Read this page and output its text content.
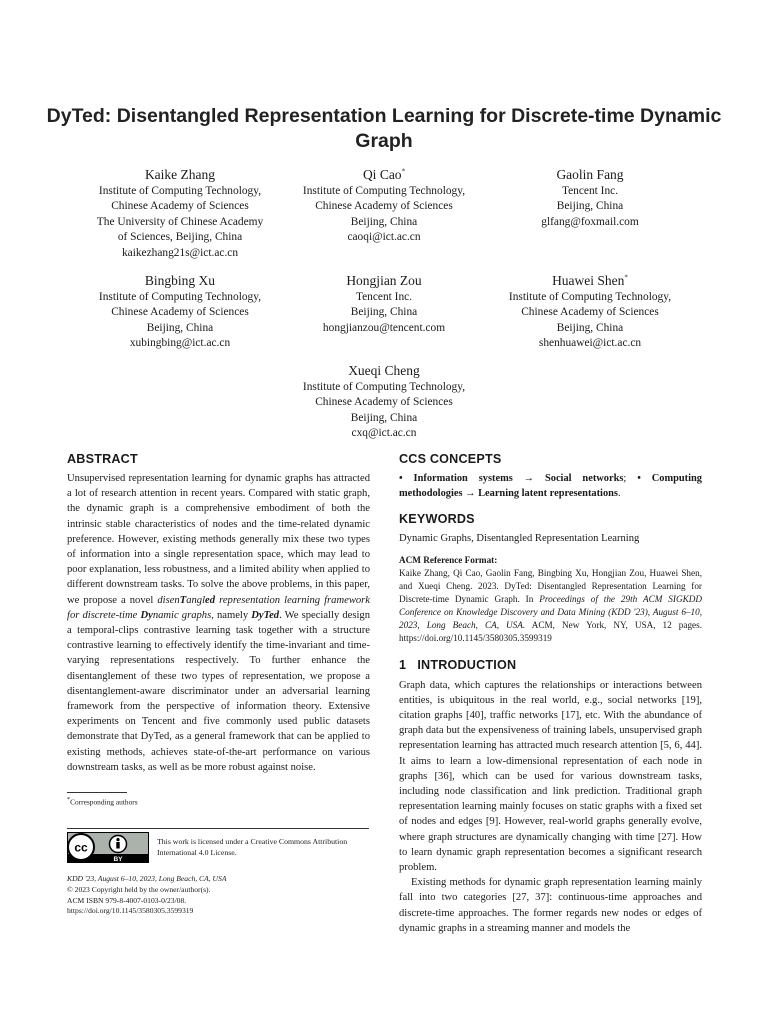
DyTed: Disentangled Representation Learning for Discrete-time Dynamic Graph
Kaike Zhang
Institute of Computing Technology,
Chinese Academy of Sciences
The University of Chinese Academy
of Sciences, Beijing, China
kaikezhang21s@ict.ac.cn
Qi Cao*
Institute of Computing Technology,
Chinese Academy of Sciences
Beijing, China
caoqi@ict.ac.cn
Gaolin Fang
Tencent Inc.
Beijing, China
glfang@foxmail.com
Bingbing Xu
Institute of Computing Technology,
Chinese Academy of Sciences
Beijing, China
xubingbing@ict.ac.cn
Hongjian Zou
Tencent Inc.
Beijing, China
hongjianzou@tencent.com
Huawei Shen*
Institute of Computing Technology,
Chinese Academy of Sciences
Beijing, China
shenhuawei@ict.ac.cn
Xueqi Cheng
Institute of Computing Technology,
Chinese Academy of Sciences
Beijing, China
cxq@ict.ac.cn
ABSTRACT

Unsupervised representation learning for dynamic graphs has attracted a lot of research attention in recent years. Compared with static graph, the dynamic graph is a comprehensive embodiment of both the intrinsic stable characteristics of nodes and the time-related dynamic preference. However, existing methods generally mix these two types of information into a single representation space, which may lead to poor explanation, less robustness, and a limited ability when applied to different downstream tasks. To solve the above problems, in this paper, we propose a novel disenTangled representation learning framework for discrete-time Dynamic graphs, namely DyTed. We specially design a temporal-clips contrastive learning task together with a structure contrastive learning to effectively identify the time-invariant and time-varying representations respectively. To further enhance the disentanglement of these two types of representation, we propose a disentanglement-aware discriminator under an adversarial learning framework from the perspective of information theory. Extensive experiments on Tencent and five commonly used public datasets demonstrate that DyTed, as a general framework that can be applied to existing methods, achieves state-of-the-art performance on various downstream tasks, as well as be more robust against noise.

*Corresponding authors
cc
BY
This work is licensed under a Creative Commons Attribution International 4.0 License.
KDD '23, August 6–10, 2023, Long Beach, CA, USA
© 2023 Copyright held by the owner/author(s).
ACM ISBN 979-8-4007-0103-0/23/08.
https://doi.org/10.1145/3580305.3599319
CCS CONCEPTS

• Information systems → Social networks; • Computing methodologies → Learning latent representations.

KEYWORDS

Dynamic Graphs, Disentangled Representation Learning

ACM Reference Format:

Kaike Zhang, Qi Cao, Gaolin Fang, Bingbing Xu, Hongjian Zou, Huawei Shen, and Xueqi Cheng. 2023. DyTed: Disentangled Representation Learning for Discrete-time Dynamic Graph. In Proceedings of the 29th ACM SIGKDD Conference on Knowledge Discovery and Data Mining (KDD '23), August 6–10, 2023, Long Beach, CA, USA. ACM, New York, NY, USA, 12 pages. https://doi.org/10.1145/3580305.3599319

1 INTRODUCTION

Graph data, which captures the relationships or interactions between entities, is ubiquitous in the real world, e.g., social networks [19], citation graphs [40], traffic networks [17], etc. With the abundance of graph data but the expensiveness of training labels, unsupervised graph representation learning has attracted much research attention [5, 6, 44]. It aims to learn a low-dimensional representation of each node in graphs [36], which can be used for various downstream tasks, including node classification and link prediction. Traditional graph representation learning mainly focuses on static graphs with a fixed set of nodes and edges [9]. However, real-world graphs generally evolve, where graph structures are dynamically changing with time [27]. How to learn dynamic graph representation becomes a significant research problem.

Existing methods for dynamic graph representation learning mainly fall into two categories [27, 37]: continuous-time approaches and discrete-time approaches. The former regards new nodes or edges of dynamic graphs in a streaming manner and models the
